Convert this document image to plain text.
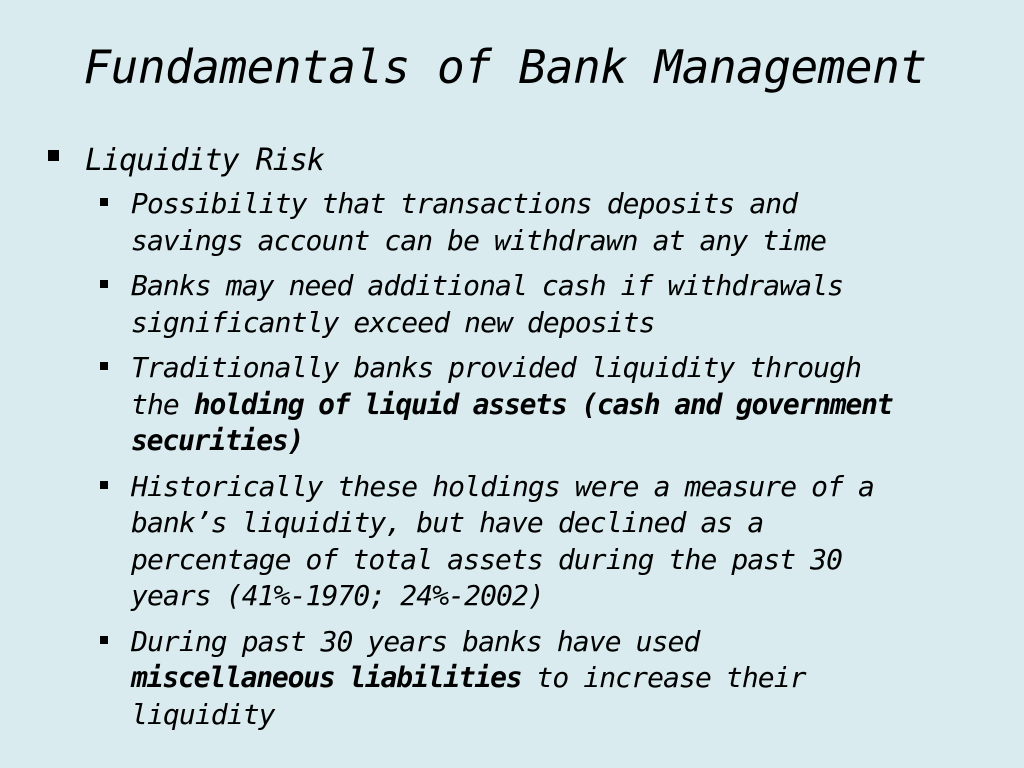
Fundamentals of Bank Management
Liquidity Risk
Possibility that transactions deposits and
savings account can be withdrawn at any time
Banks may need additional cash if withdrawals
significantly exceed new deposits
Traditionally banks provided liquidity through
the holding of liquid assets (cash and government
securities)
Historically these holdings were a measure of a
bank’s liquidity, but have declined as a
percentage of total assets during the past 30
years (41%-1970; 24%-2002)
During past 30 years banks have used
miscellaneous liabilities to increase their
liquidity
